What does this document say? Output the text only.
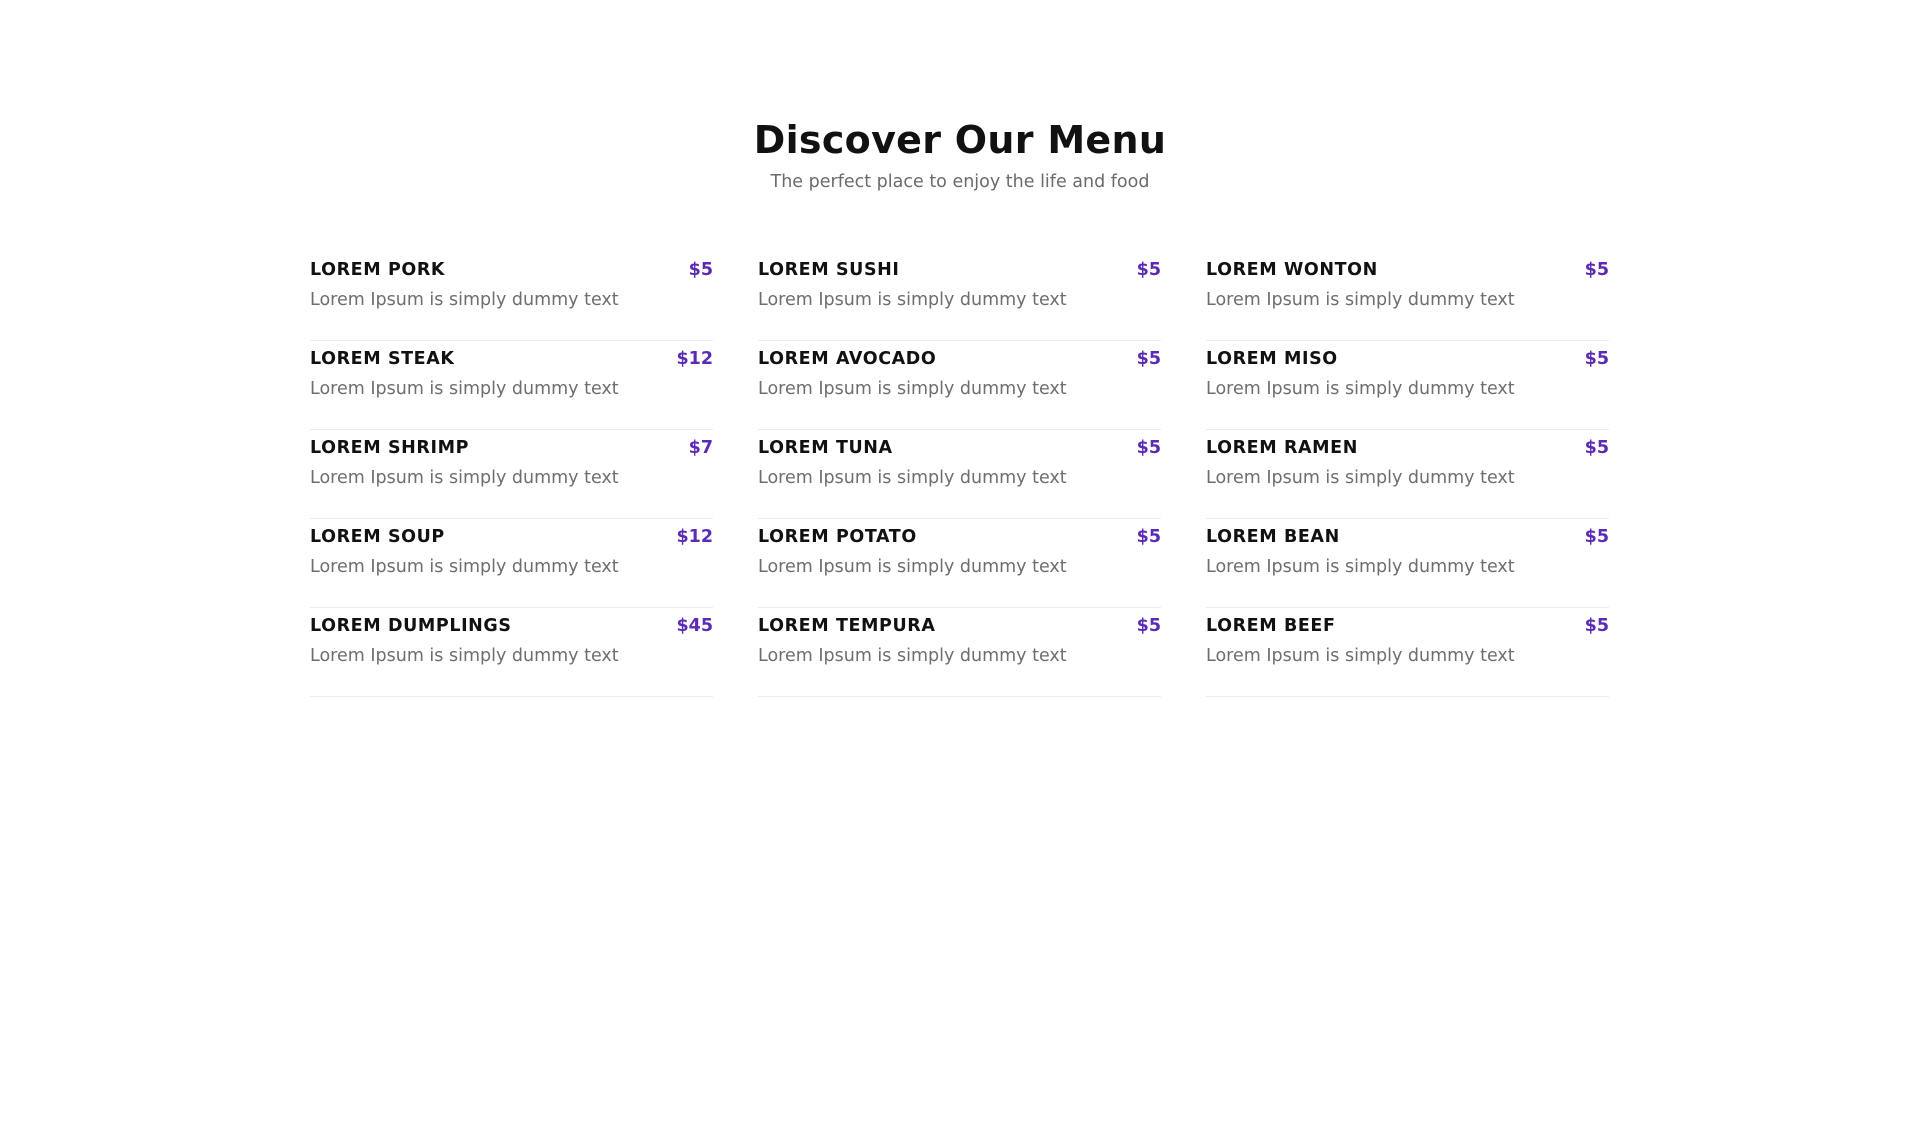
Discover Our Menu

The perfect place to enjoy the life and food

LOREM PORK	$5
Lorem Ipsum is simply dummy text
LOREM STEAK	$12
Lorem Ipsum is simply dummy text
LOREM SHRIMP	$7
Lorem Ipsum is simply dummy text
LOREM SOUP	$12
Lorem Ipsum is simply dummy text
LOREM DUMPLINGS	$45
Lorem Ipsum is simply dummy text
LOREM SUSHI	$5
Lorem Ipsum is simply dummy text
LOREM AVOCADO	$5
Lorem Ipsum is simply dummy text
LOREM TUNA	$5
Lorem Ipsum is simply dummy text
LOREM POTATO	$5
Lorem Ipsum is simply dummy text
LOREM TEMPURA	$5
Lorem Ipsum is simply dummy text
LOREM WONTON	$5
Lorem Ipsum is simply dummy text
LOREM MISO	$5
Lorem Ipsum is simply dummy text
LOREM RAMEN	$5
Lorem Ipsum is simply dummy text
LOREM BEAN	$5
Lorem Ipsum is simply dummy text
LOREM BEEF	$5
Lorem Ipsum is simply dummy text
